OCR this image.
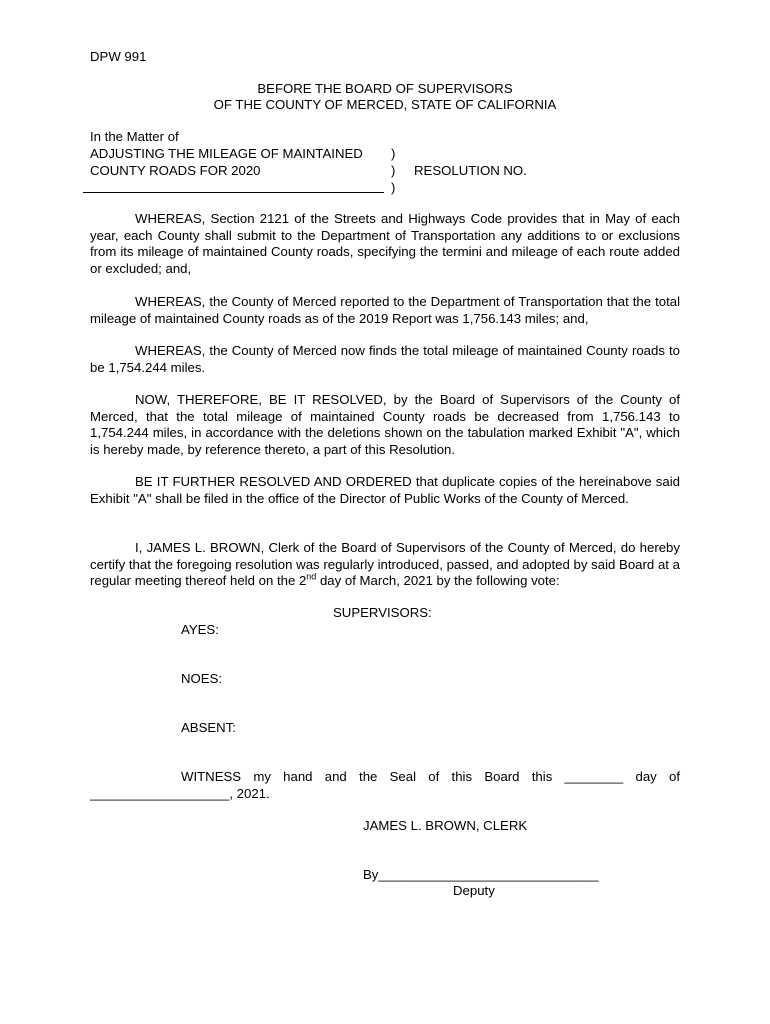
DPW 991
BEFORE THE BOARD OF SUPERVISORS
OF THE COUNTY OF MERCED, STATE OF CALIFORNIA
In the Matter of
ADJUSTING THE MILEAGE OF MAINTAINED
COUNTY ROADS FOR 2020
)
)
)
RESOLUTION NO.
WHEREAS, Section 2121 of the Streets and Highways Code provides that in May of each year, each County shall submit to the Department of Transportation any additions to or exclusions from its mileage of maintained County roads, specifying the termini and mileage of each route added or excluded; and,
WHEREAS, the County of Merced reported to the Department of Transportation that the total mileage of maintained County roads as of the 2019 Report was 1,756.143 miles; and,
WHEREAS, the County of Merced now finds the total mileage of maintained County roads to be 1,754.244 miles.
NOW, THEREFORE, BE IT RESOLVED, by the Board of Supervisors of the County of Merced, that the total mileage of maintained County roads be decreased from 1,756.143 to 1,754.244 miles, in accordance with the deletions shown on the tabulation marked Exhibit "A", which is hereby made, by reference thereto, a part of this Resolution.
BE IT FURTHER RESOLVED AND ORDERED that duplicate copies of the hereinabove said Exhibit "A" shall be filed in the office of the Director of Public Works of the County of Merced.
I, JAMES L. BROWN, Clerk of the Board of Supervisors of the County of Merced, do hereby certify that the foregoing resolution was regularly introduced, passed, and adopted by said Board at a regular meeting thereof held on the 2nd day of March, 2021 by the following vote:
SUPERVISORS:
AYES:
NOES:
ABSENT:
WITNESS my hand and the Seal of this Board this ________ day of
___________________, 2021.
JAMES L. BROWN, CLERK
By______________________________
Deputy
